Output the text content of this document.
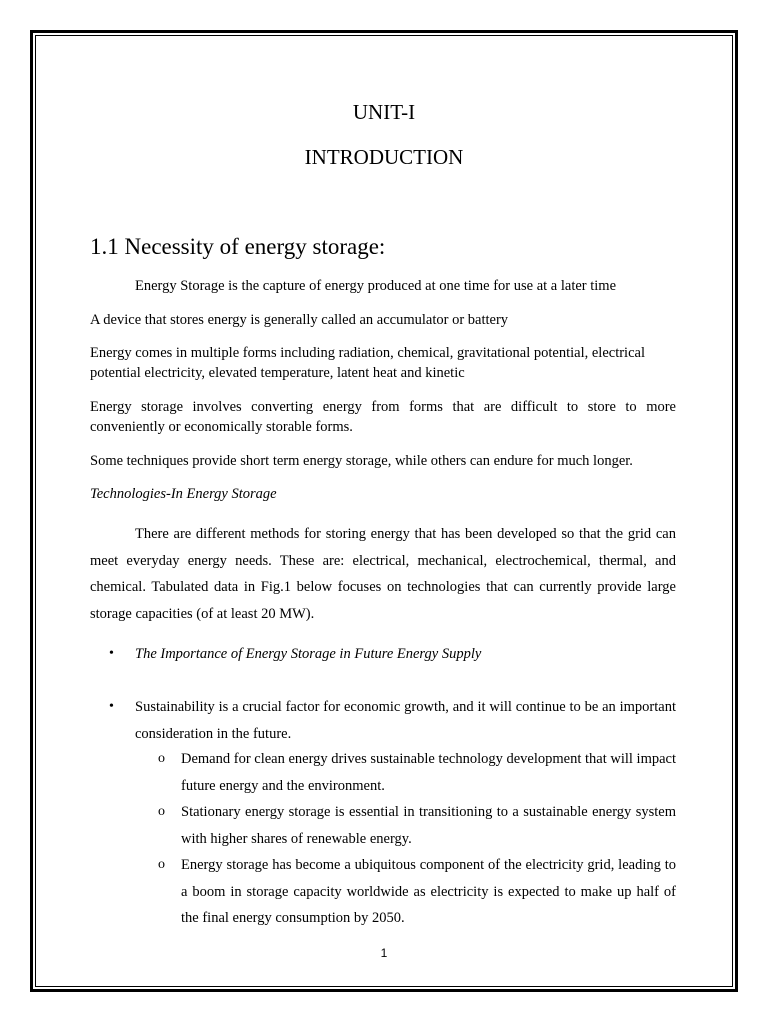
UNIT-I

INTRODUCTION

1.1 Necessity of energy storage:

Energy Storage is the capture of energy produced at one time for use at a later time

A device that stores energy is generally called an accumulator or battery

Energy comes in multiple forms including radiation, chemical, gravitational potential, electrical potential electricity, elevated temperature, latent heat and kinetic

Energy storage involves converting energy from forms that are difficult to store to more conveniently or economically storable forms.

Some techniques provide short term energy storage, while others can endure for much longer.

Technologies-In Energy Storage

There are different methods for storing energy that has been developed so that the grid can meet everyday energy needs. These are: electrical, mechanical, electrochemical, thermal, and chemical. Tabulated data in Fig.1 below focuses on technologies that can currently provide large storage capacities (of at least 20 MW).

• The Importance of Energy Storage in Future Energy Supply
• Sustainability is a crucial factor for economic growth, and it will continue to be an important consideration in the future.
o Demand for clean energy drives sustainable technology development that will impact future energy and the environment.
o Stationary energy storage is essential in transitioning to a sustainable energy system with higher shares of renewable energy.
o Energy storage has become a ubiquitous component of the electricity grid, leading to a boom in storage capacity worldwide as electricity is expected to make up half of the final energy consumption by 2050.

1
